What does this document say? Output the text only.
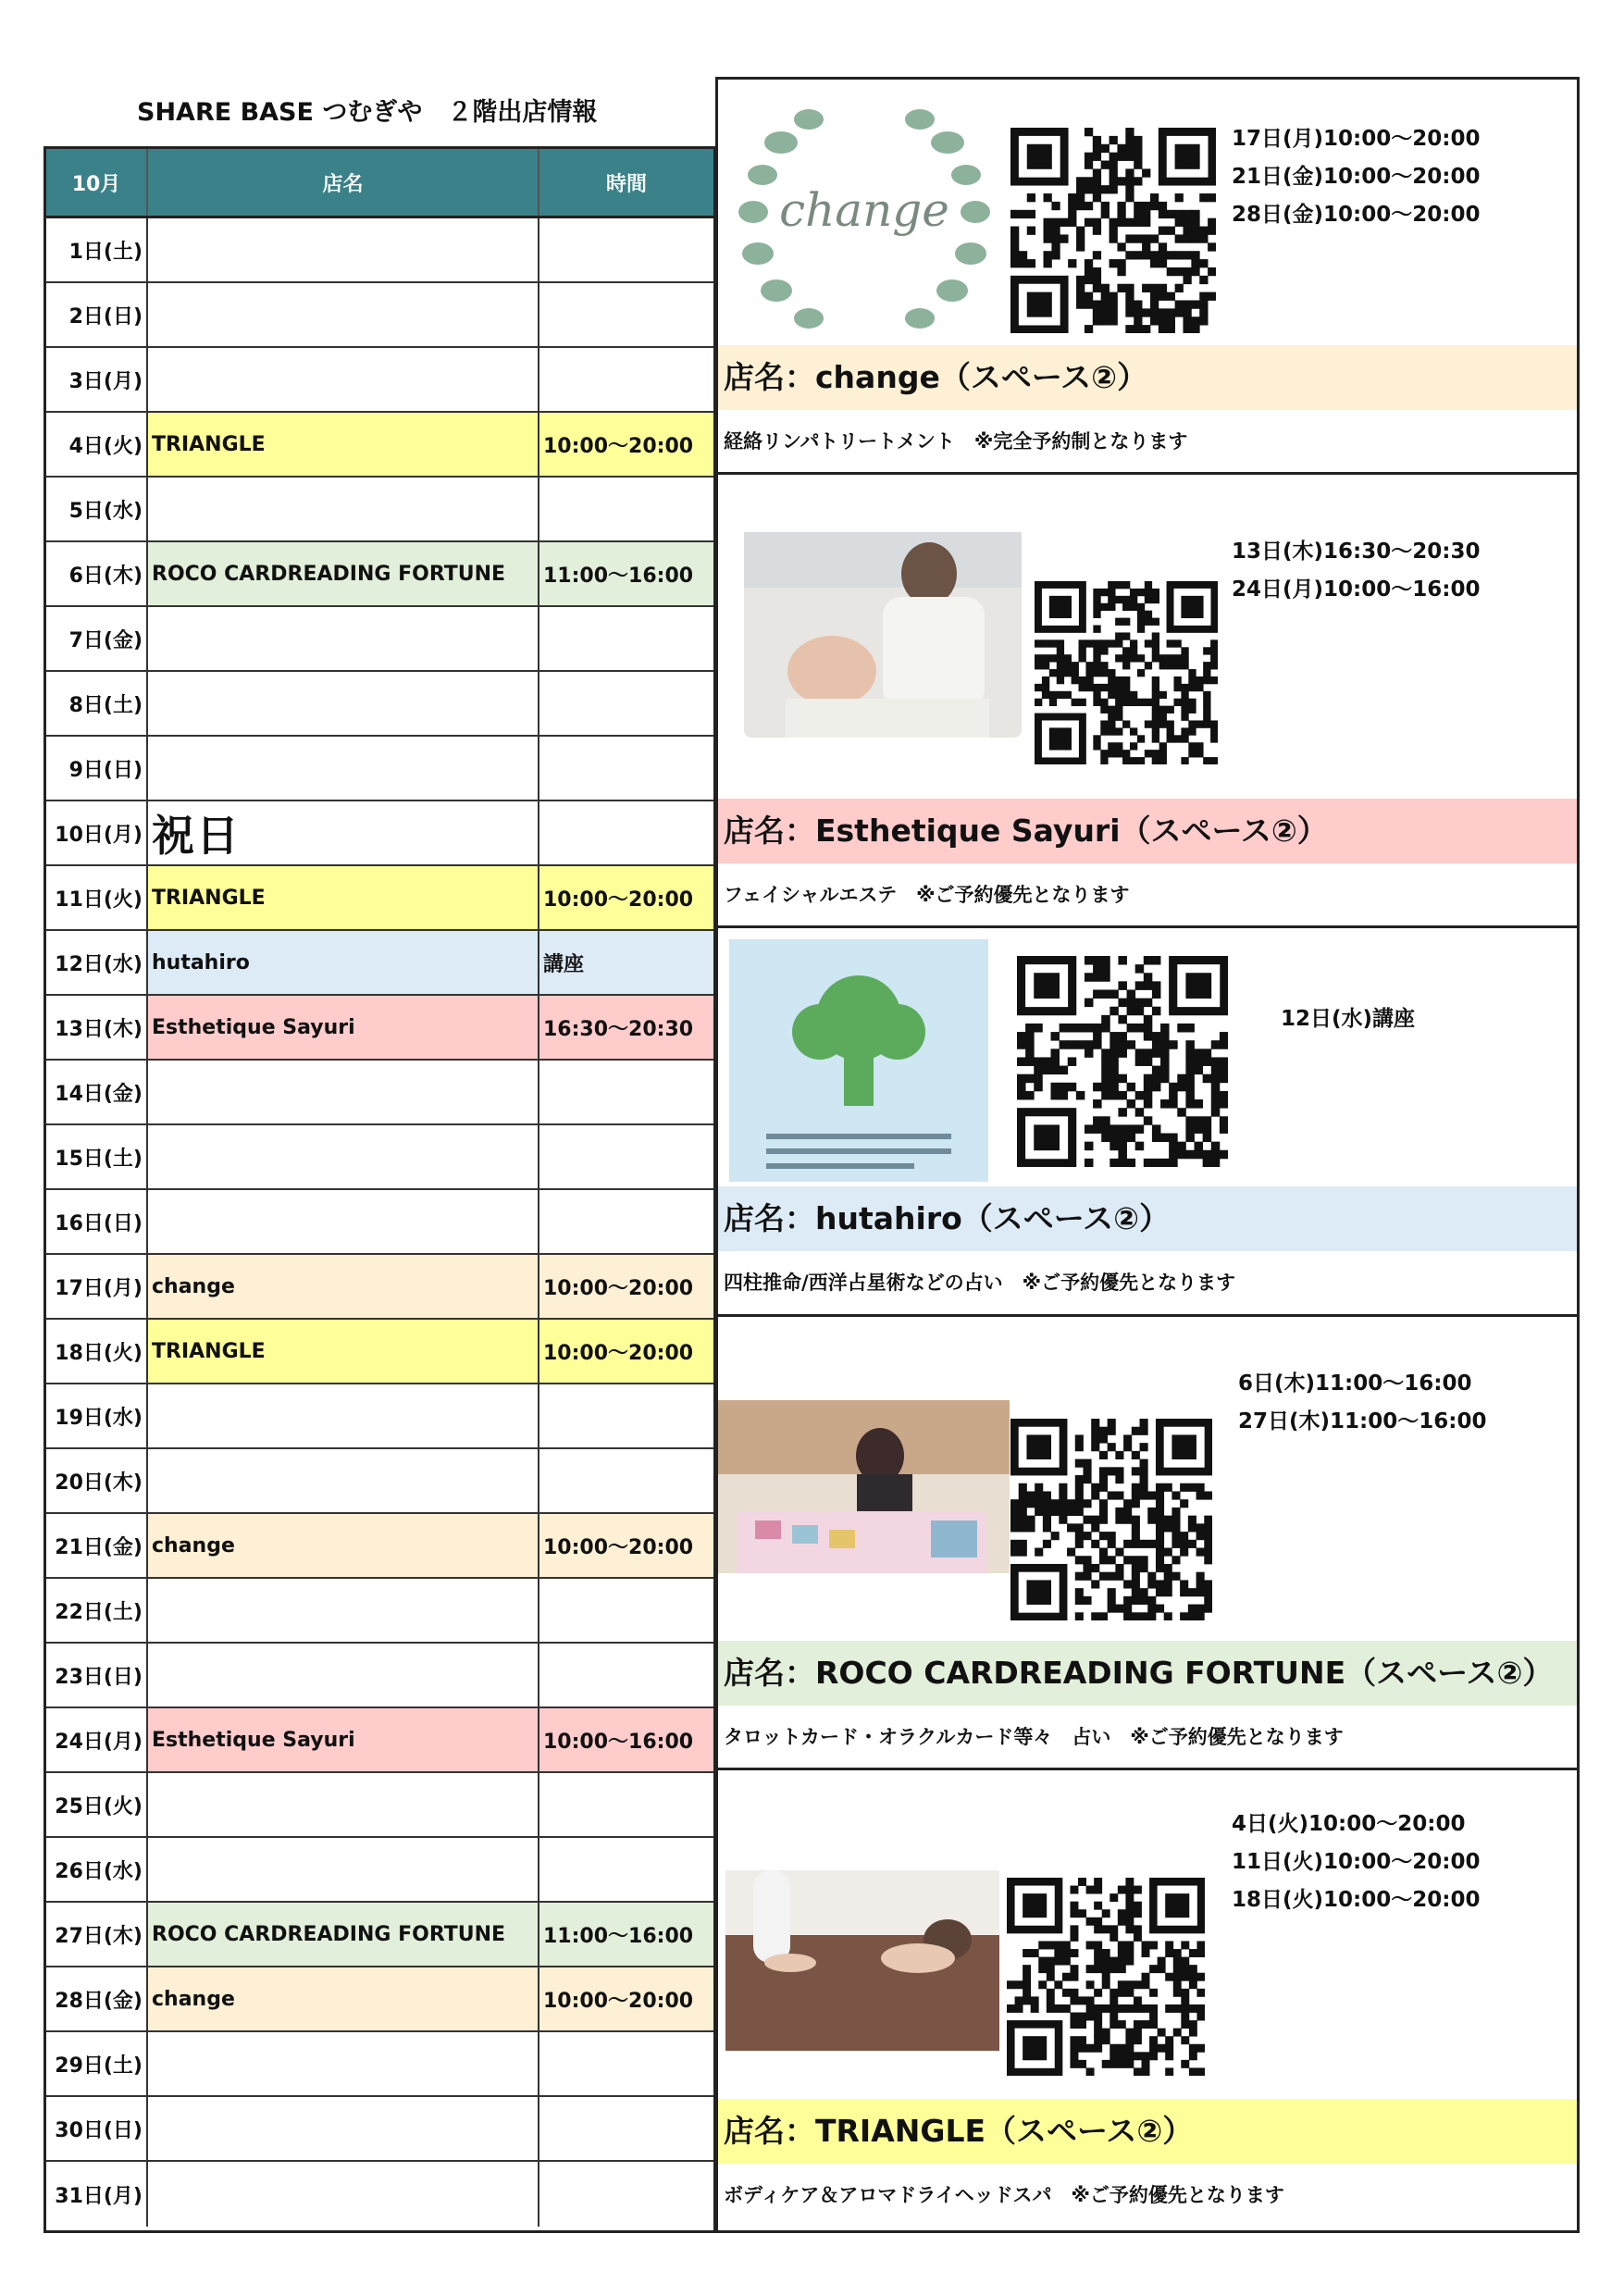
SHARE BASE つむぎや　２階出店情報
10月	店名	時間
1日(土)
2日(日)
3日(月)
4日(火) TRIANGLE	10:00～20:00
5日(水)
6日(木) ROCO CARDREADING FORTUNE	11:00～16:00
7日(金)
8日(土)
9日(日)
10日(月) 祝日
11日(火) TRIANGLE	10:00～20:00
12日(水) hutahiro	講座
13日(木) Esthetique Sayuri	16:30～20:30
14日(金)
15日(土)
16日(日)
17日(月) change	10:00～20:00
18日(火) TRIANGLE	10:00～20:00
19日(水)
20日(木)
21日(金) change	10:00～20:00
22日(土)
23日(日)
24日(月) Esthetique Sayuri	10:00～16:00
25日(火)
26日(水)
27日(木) ROCO CARDREADING FORTUNE	11:00～16:00
28日(金) change	10:00～20:00
29日(土)
30日(日)
31日(月)
change
17日(月)10:00～20:00
21日(金)10:00～20:00
28日(金)10:00～20:00
店名：change（スペース②）
経絡リンパトリートメント　※完全予約制となります
13日(木)16:30～20:30
24日(月)10:00～16:00
店名：Esthetique Sayuri（スペース②）
フェイシャルエステ　※ご予約優先となります
12日(水)講座
店名：hutahiro（スペース②）
四柱推命/西洋占星術などの占い　※ご予約優先となります
6日(木)11:00～16:00
27日(木)11:00～16:00
店名：ROCO CARDREADING FORTUNE（スペース②）
タロットカード・オラクルカード等々　占い　※ご予約優先となります
4日(火)10:00～20:00
11日(火)10:00～20:00
18日(火)10:00～20:00
店名：TRIANGLE（スペース②）
ボディケア＆アロマドライヘッドスパ　※ご予約優先となります
